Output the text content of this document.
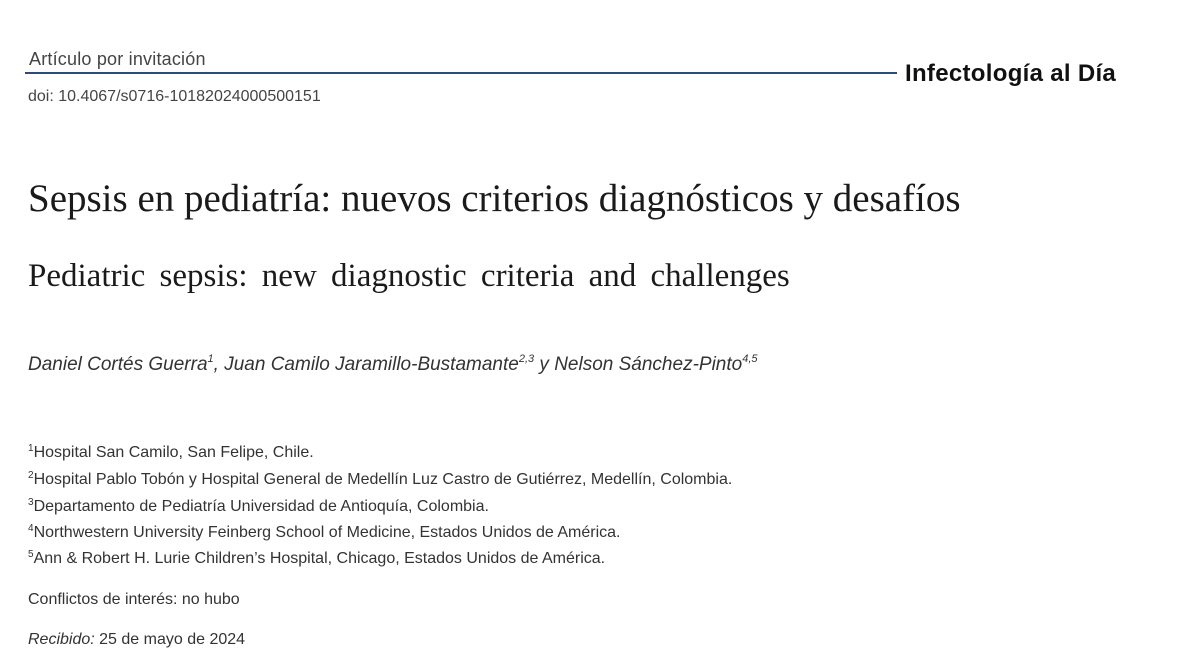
Artículo por invitación
doi: 10.4067/s0716-10182024000500151
Infectología al Día
Sepsis en pediatría: nuevos criterios diagnósticos y desafíos
Pediatric sepsis: new diagnostic criteria and challenges
Daniel Cortés Guerra$^1$, Juan Camilo Jaramillo-Bustamante$^{2,3}$ y Nelson Sánchez-Pinto$^{4,5}$
$^1$Hospital San Camilo, San Felipe, Chile.
$^2$Hospital Pablo Tobón y Hospital General de Medellín Luz Castro de Gutiérrez, Medellín, Colombia.
$^3$Departamento de Pediatría Universidad de Antioquía, Colombia.
$^4$Northwestern University Feinberg School of Medicine, Estados Unidos de América.
$^5$Ann & Robert H. Lurie Children’s Hospital, Chicago, Estados Unidos de América.
Conflictos de interés: no hubo
Recibido: 25 de mayo de 2024
